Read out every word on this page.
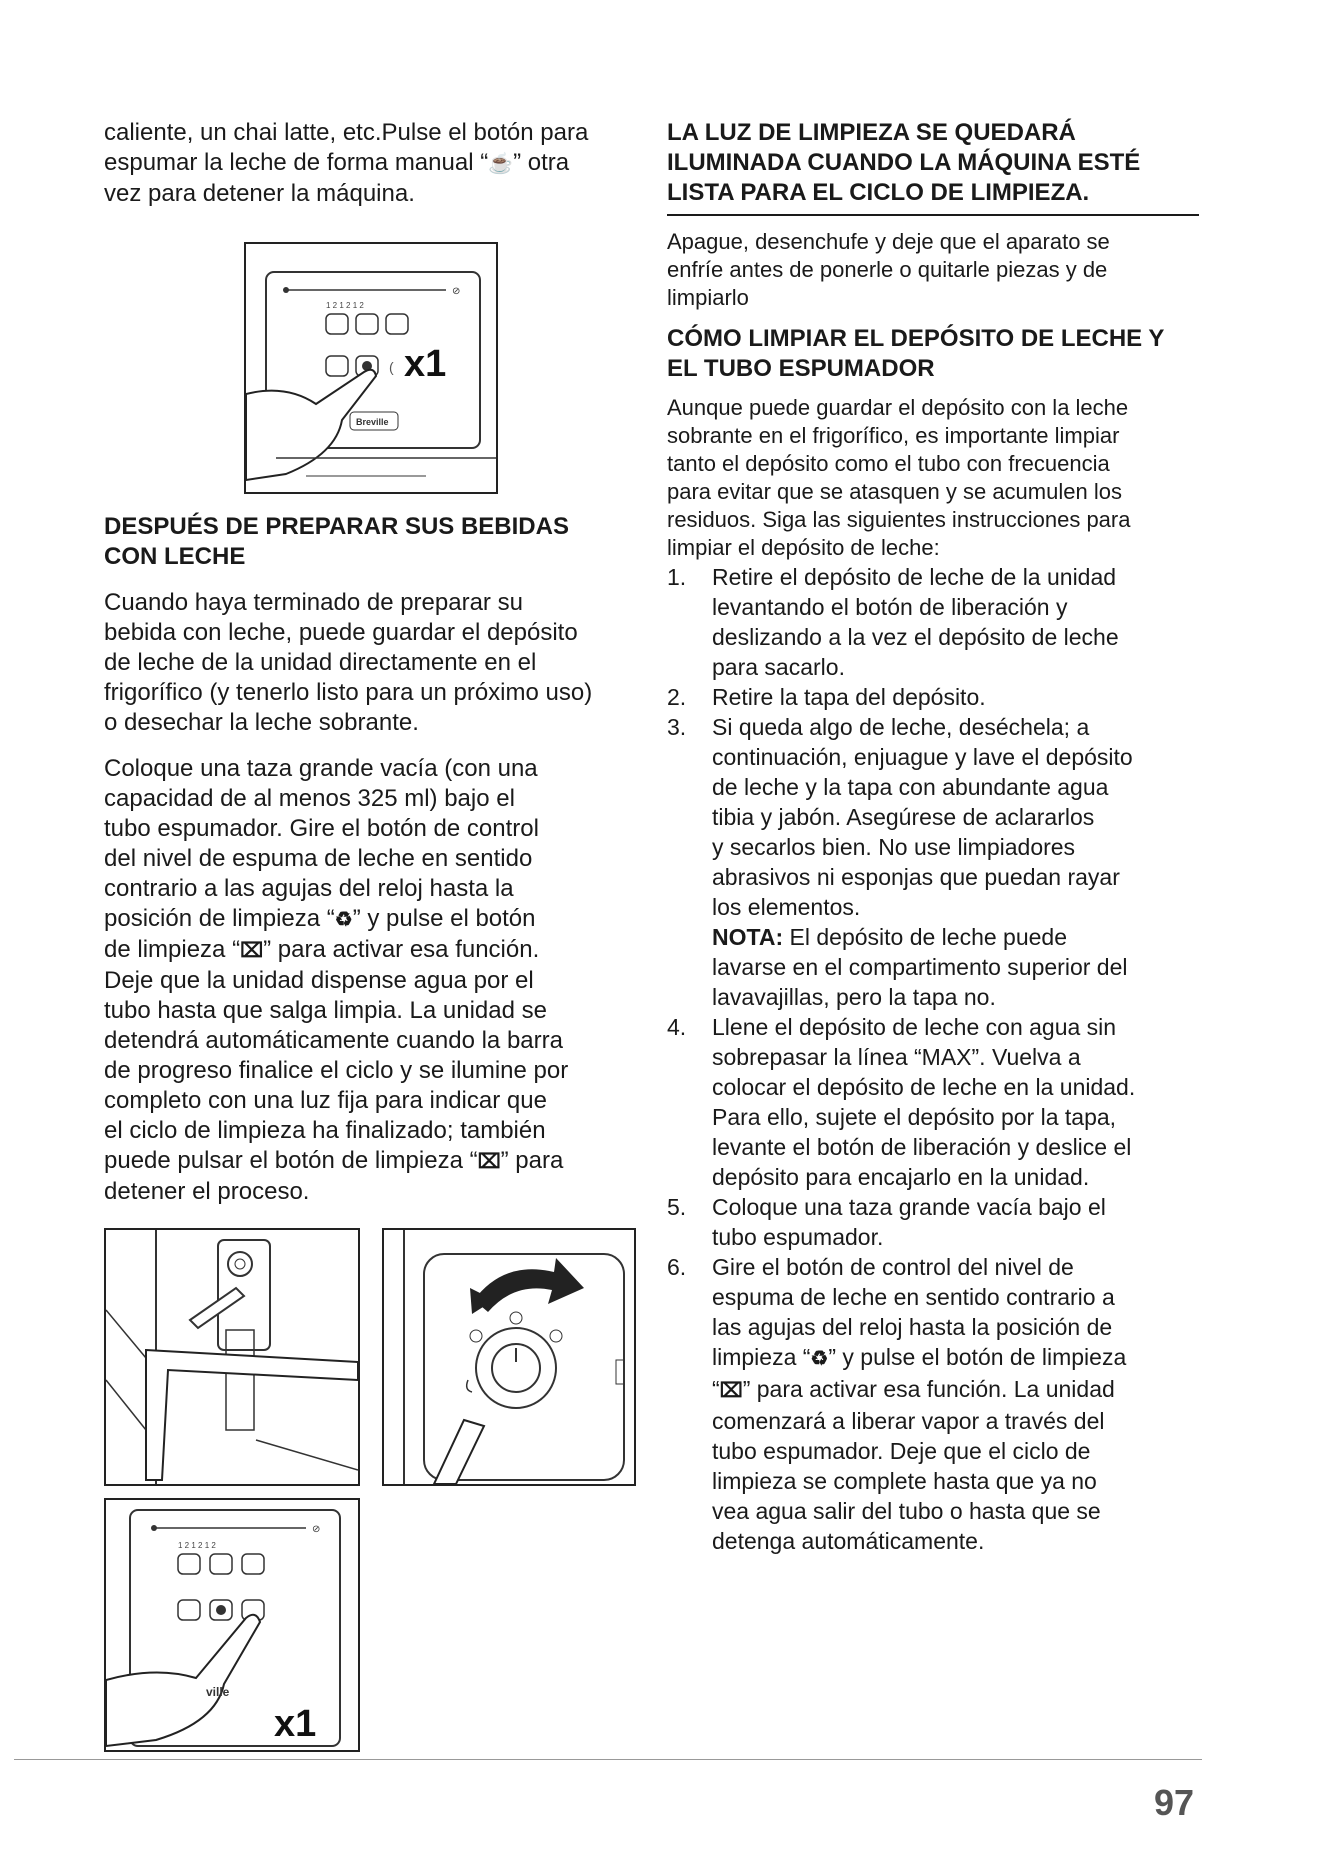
caliente, un chai latte, etc.Pulse el botón para

espumar la leche de forma manual “☕” otra

vez para detener la máquina.

⊘
1 2 1 2 1 2
( x1
Breville

DESPUÉS DE PREPARAR SUS BEBIDAS

CON LECHE

Cuando haya terminado de preparar su

bebida con leche, puede guardar el depósito

de leche de la unidad directamente en el

frigorífico (y tenerlo listo para un próximo uso)

o desechar la leche sobrante.

Coloque una taza grande vacía (con una

capacidad de al menos 325 ml) bajo el

tubo espumador. Gire el botón de control

del nivel de espuma de leche en sentido

contrario a las agujas del reloj hasta la

posición de limpieza “♻” y pulse el botón

de limpieza “⌧” para activar esa función.

Deje que la unidad dispense agua por el

tubo hasta que salga limpia. La unidad se

detendrá automáticamente cuando la barra

de progreso finalice el ciclo y se ilumine por

completo con una luz fija para indicar que

el ciclo de limpieza ha finalizado; también

puede pulsar el botón de limpieza “⌧” para

detener el proceso.

⊘
1 2 1 2 1 2
ville
x1

LA LUZ DE LIMPIEZA SE QUEDARÁ

ILUMINADA CUANDO LA MÁQUINA ESTÉ

LISTA PARA EL CICLO DE LIMPIEZA.

Apague, desenchufe y deje que el aparato se

enfríe antes de ponerle o quitarle piezas y de

limpiarlo

CÓMO LIMPIAR EL DEPÓSITO DE LECHE Y

EL TUBO ESPUMADOR

Aunque puede guardar el depósito con la leche

sobrante en el frigorífico, es importante limpiar

tanto el depósito como el tubo con frecuencia

para evitar que se atasquen y se acumulen los

residuos. Siga las siguientes instrucciones para

limpiar el depósito de leche:

1. Retire el depósito de leche de la unidad
levantando el botón de liberación y
deslizando a la vez el depósito de leche
para sacarlo.
2. Retire la tapa del depósito.
3. Si queda algo de leche, deséchela; a
continuación, enjuague y lave el depósito
de leche y la tapa con abundante agua
tibia y jabón. Asegúrese de aclararlos
y secarlos bien. No use limpiadores
abrasivos ni esponjas que puedan rayar
los elementos.
NOTA: El depósito de leche puede
lavarse en el compartimento superior del
lavavajillas, pero la tapa no.
4. Llene el depósito de leche con agua sin
sobrepasar la línea “MAX”. Vuelva a
colocar el depósito de leche en la unidad.
Para ello, sujete el depósito por la tapa,
levante el botón de liberación y deslice el
depósito para encajarlo en la unidad.
5. Coloque una taza grande vacía bajo el
tubo espumador.
6. Gire el botón de control del nivel de
espuma de leche en sentido contrario a
las agujas del reloj hasta la posición de
limpieza “♻” y pulse el botón de limpieza
“⌧” para activar esa función. La unidad
comenzará a liberar vapor a través del
tubo espumador. Deje que el ciclo de
limpieza se complete hasta que ya no
vea agua salir del tubo o hasta que se
detenga automáticamente.
97
